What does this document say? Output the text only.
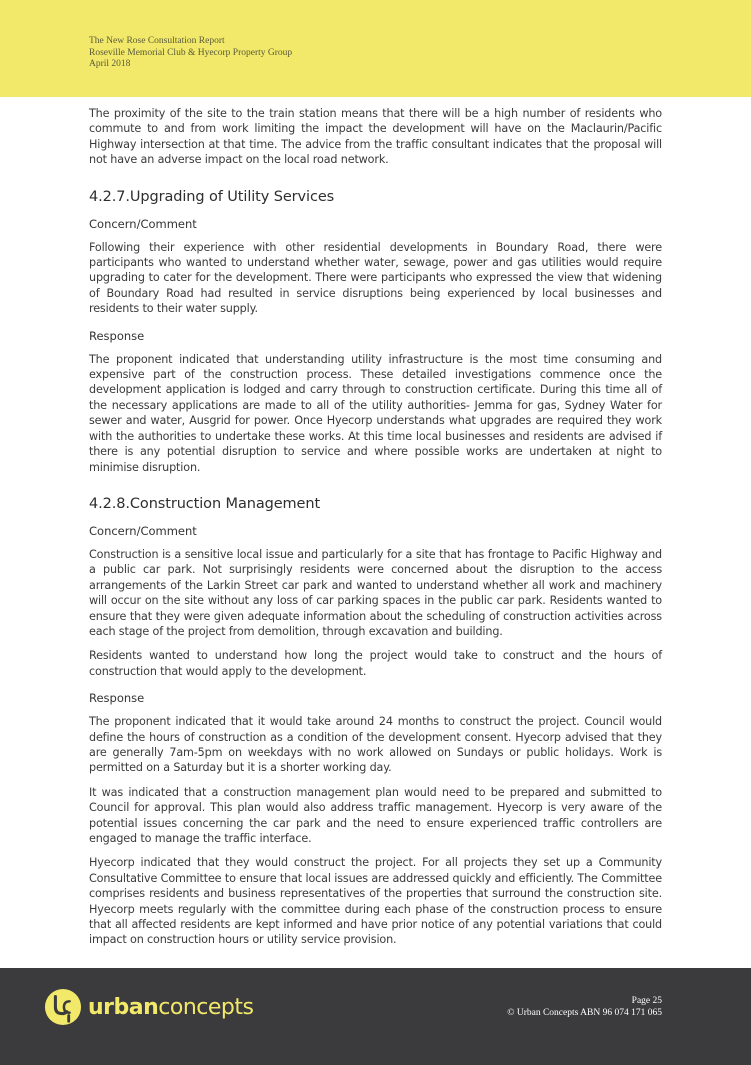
The New Rose Consultation Report
Roseville Memorial Club & Hyecorp Property Group
April 2018

The proximity of the site to the train station means that there will be a high number of residents who commute to and from work limiting the impact the development will have on the Maclaurin/Pacific Highway intersection at that time. The advice from the traffic consultant indicates that the proposal will not have an adverse impact on the local road network.

4.2.7.Upgrading of Utility Services
Concern/Comment

Following their experience with other residential developments in Boundary Road, there were participants who wanted to understand whether water, sewage, power and gas utilities would require upgrading to cater for the development. There were participants who expressed the view that widening of Boundary Road had resulted in service disruptions being experienced by local businesses and residents to their water supply.

Response

The proponent indicated that understanding utility infrastructure is the most time consuming and expensive part of the construction process. These detailed investigations commence once the development application is lodged and carry through to construction certificate. During this time all of the necessary applications are made to all of the utility authorities- Jemma for gas, Sydney Water for sewer and water, Ausgrid for power. Once Hyecorp understands what upgrades are required they work with the authorities to undertake these works. At this time local businesses and residents are advised if there is any potential disruption to service and where possible works are undertaken at night to minimise disruption.

4.2.8.Construction Management
Concern/Comment

Construction is a sensitive local issue and particularly for a site that has frontage to Pacific Highway and a public car park. Not surprisingly residents were concerned about the disruption to the access arrangements of the Larkin Street car park and wanted to understand whether all work and machinery will occur on the site without any loss of car parking spaces in the public car park. Residents wanted to ensure that they were given adequate information about the scheduling of construction activities across each stage of the project from demolition, through excavation and building.

Residents wanted to understand how long the project would take to construct and the hours of construction that would apply to the development.

Response

The proponent indicated that it would take around 24 months to construct the project. Council would define the hours of construction as a condition of the development consent. Hyecorp advised that they are generally 7am-5pm on weekdays with no work allowed on Sundays or public holidays. Work is permitted on a Saturday but it is a shorter working day.

It was indicated that a construction management plan would need to be prepared and submitted to Council for approval. This plan would also address traffic management. Hyecorp is very aware of the potential issues concerning the car park and the need to ensure experienced traffic controllers are engaged to manage the traffic interface.

Hyecorp indicated that they would construct the project. For all projects they set up a Community Consultative Committee to ensure that local issues are addressed quickly and efficiently. The Committee comprises residents and business representatives of the properties that surround the construction site. Hyecorp meets regularly with the committee during each phase of the construction process to ensure that all affected residents are kept informed and have prior notice of any potential variations that could impact on construction hours or utility service provision.

urbanconcepts	Page 25
© Urban Concepts ABN 96 074 171 065
